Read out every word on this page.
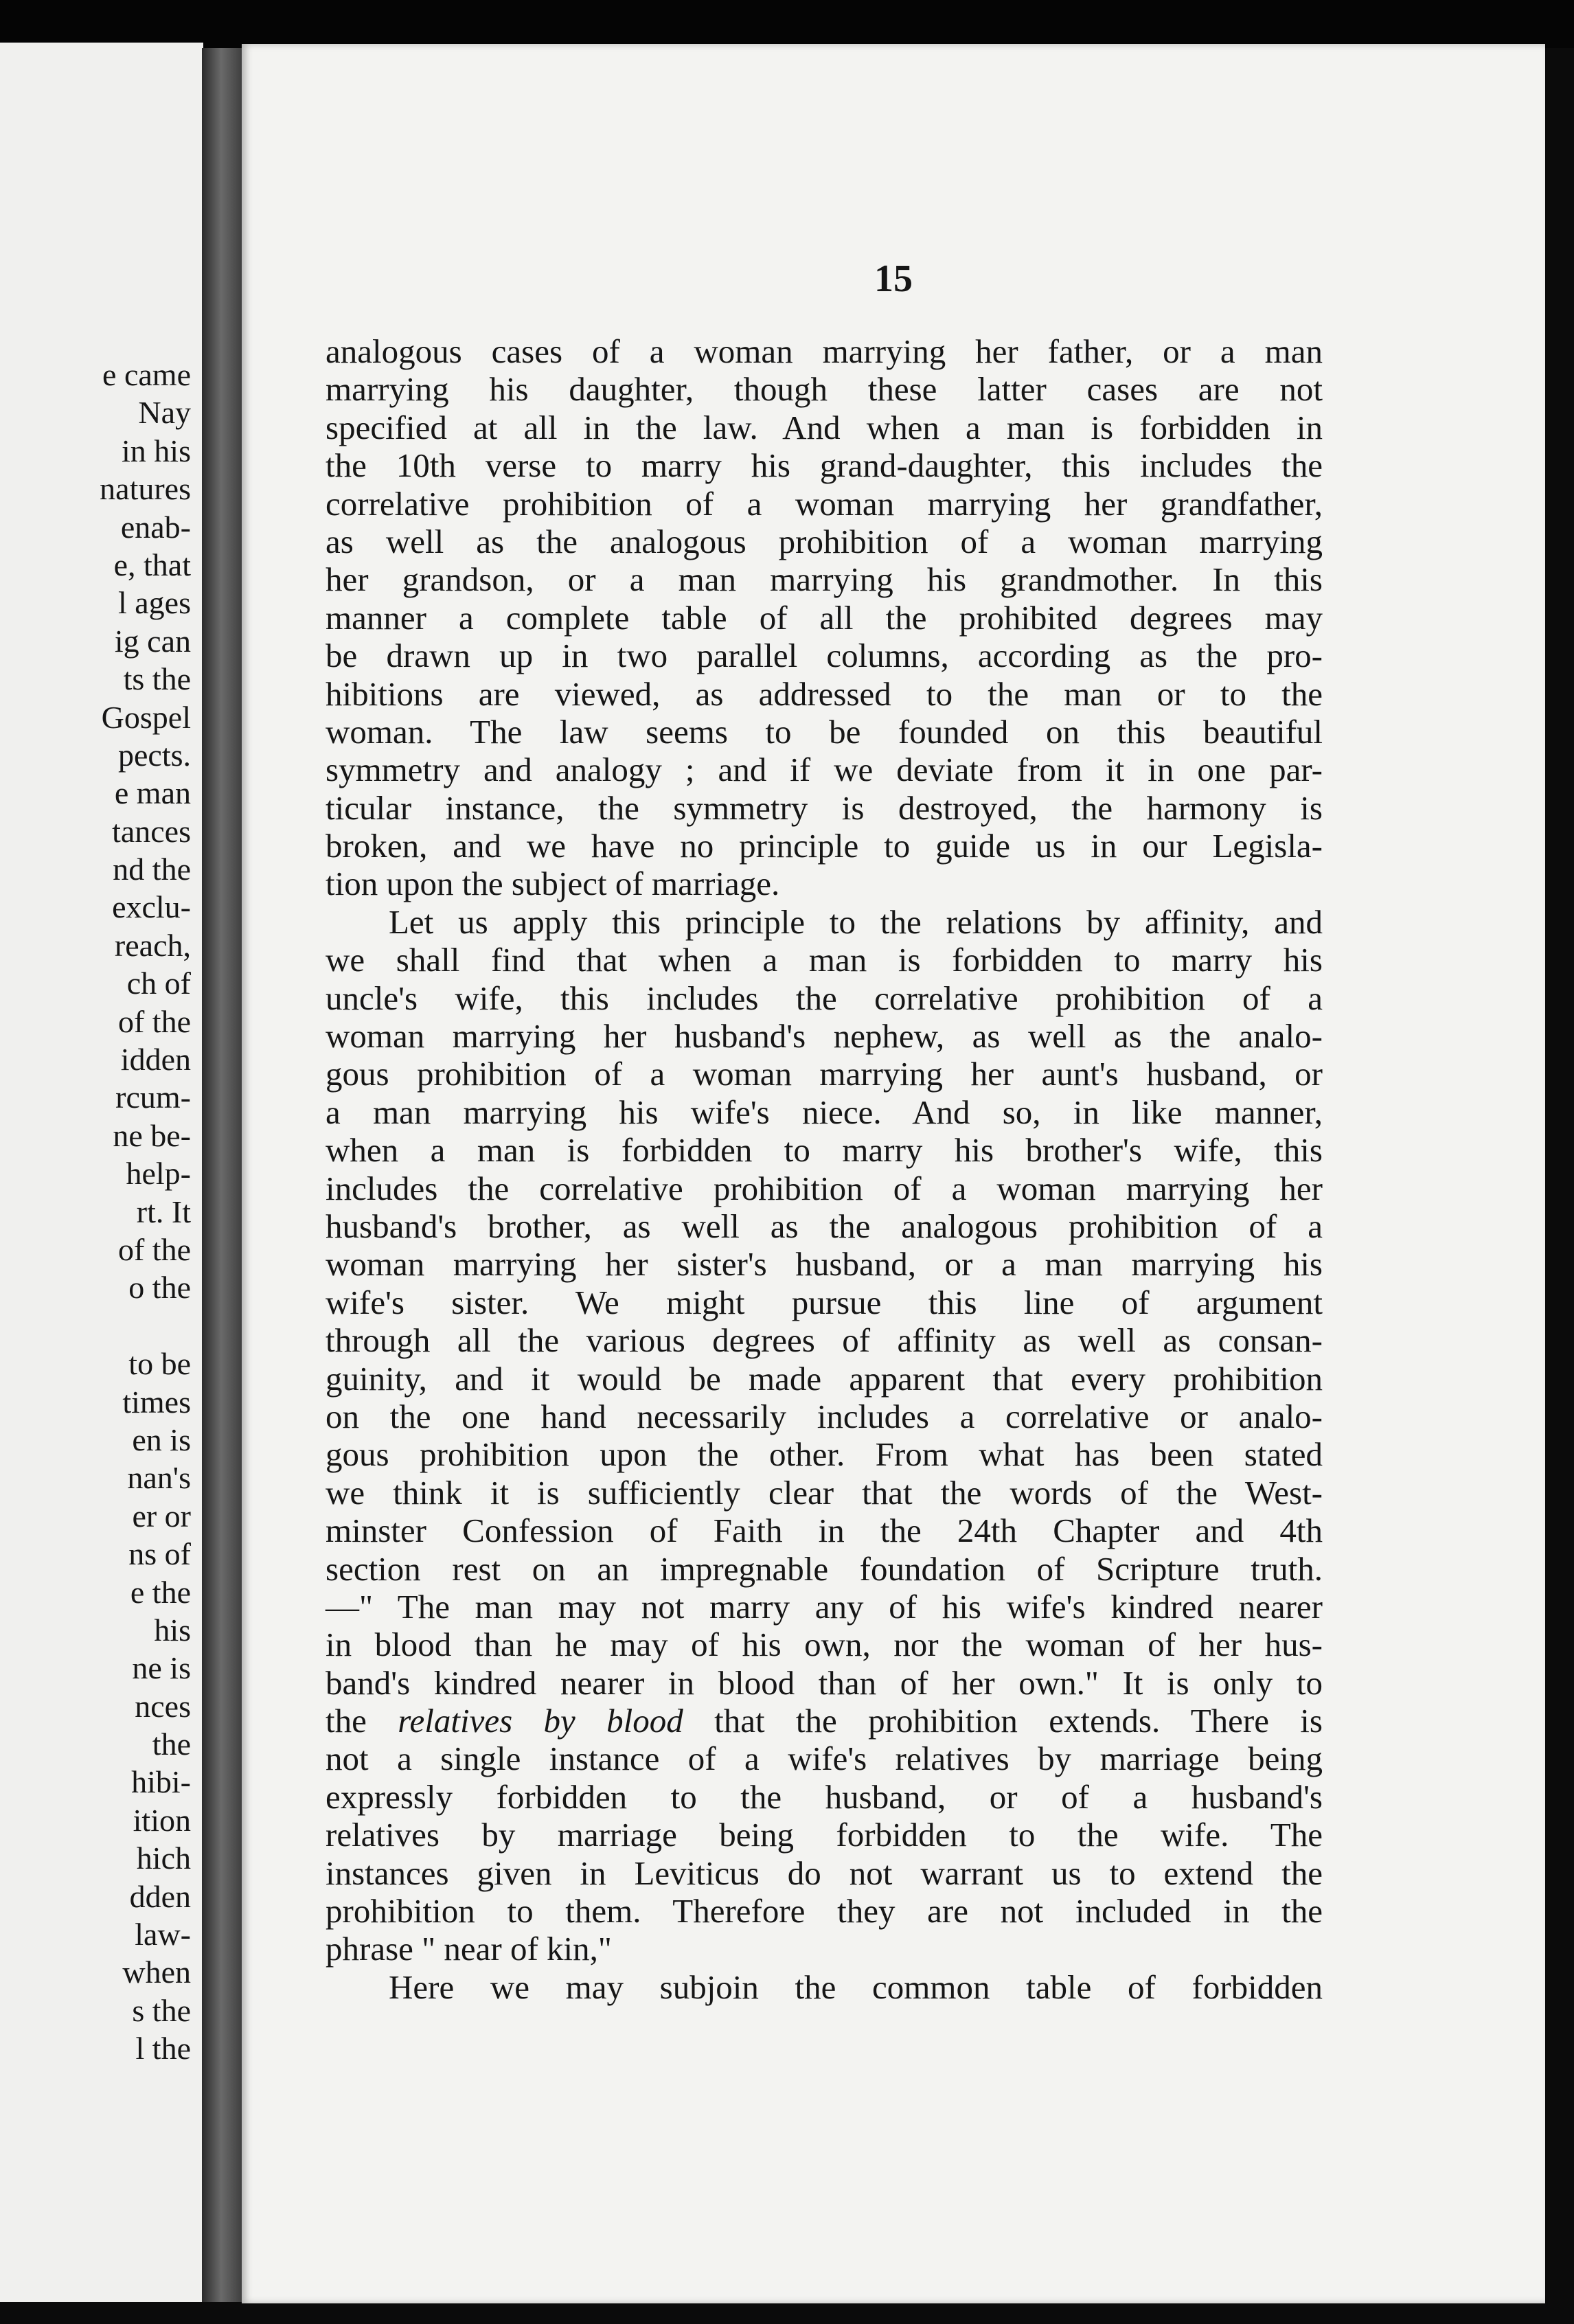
e came
Nay
in his
natures
enab-
e, that
l ages
ig can
ts the
Gospel
pects.
e man
tances
nd the
exclu-
reach,
ch of
of the
idden
rcum-
ne be-
help-
rt. It
of the
o the
to be
times
en is
nan's
er or
ns of
e the
his
ne is
nces
the
hibi-
ition
hich
dden
law-
when
s the
l the
15
analogous cases of a woman marrying her father, or a man
marrying his daughter, though these latter cases are not
specified at all in the law. And when a man is forbidden in
the 10th verse to marry his grand-daughter, this includes the
correlative prohibition of a woman marrying her grandfather,
as well as the analogous prohibition of a woman marrying
her grandson, or a man marrying his grandmother. In this
manner a complete table of all the prohibited degrees may
be drawn up in two parallel columns, according as the pro-
hibitions are viewed, as addressed to the man or to the
woman. The law seems to be founded on this beautiful
symmetry and analogy ; and if we deviate from it in one par-
ticular instance, the symmetry is destroyed, the harmony is
broken, and we have no principle to guide us in our Legisla-
tion upon the subject of marriage.
Let us apply this principle to the relations by affinity, and
we shall find that when a man is forbidden to marry his
uncle's wife, this includes the correlative prohibition of a
woman marrying her husband's nephew, as well as the analo-
gous prohibition of a woman marrying her aunt's husband, or
a man marrying his wife's niece. And so, in like manner,
when a man is forbidden to marry his brother's wife, this
includes the correlative prohibition of a woman marrying her
husband's brother, as well as the analogous prohibition of a
woman marrying her sister's husband, or a man marrying his
wife's sister. We might pursue this line of argument
through all the various degrees of affinity as well as consan-
guinity, and it would be made apparent that every prohibition
on the one hand necessarily includes a correlative or analo-
gous prohibition upon the other. From what has been stated
we think it is sufficiently clear that the words of the West-
minster Confession of Faith in the 24th Chapter and 4th
section rest on an impregnable foundation of Scripture truth.
—" The man may not marry any of his wife's kindred nearer
in blood than he may of his own, nor the woman of her hus-
band's kindred nearer in blood than of her own." It is only to
the relatives by blood that the prohibition extends. There is
not a single instance of a wife's relatives by marriage being
expressly forbidden to the husband, or of a husband's
relatives by marriage being forbidden to the wife. The
instances given in Leviticus do not warrant us to extend the
prohibition to them. Therefore they are not included in the
phrase " near of kin,"
Here we may subjoin the common table of forbidden
